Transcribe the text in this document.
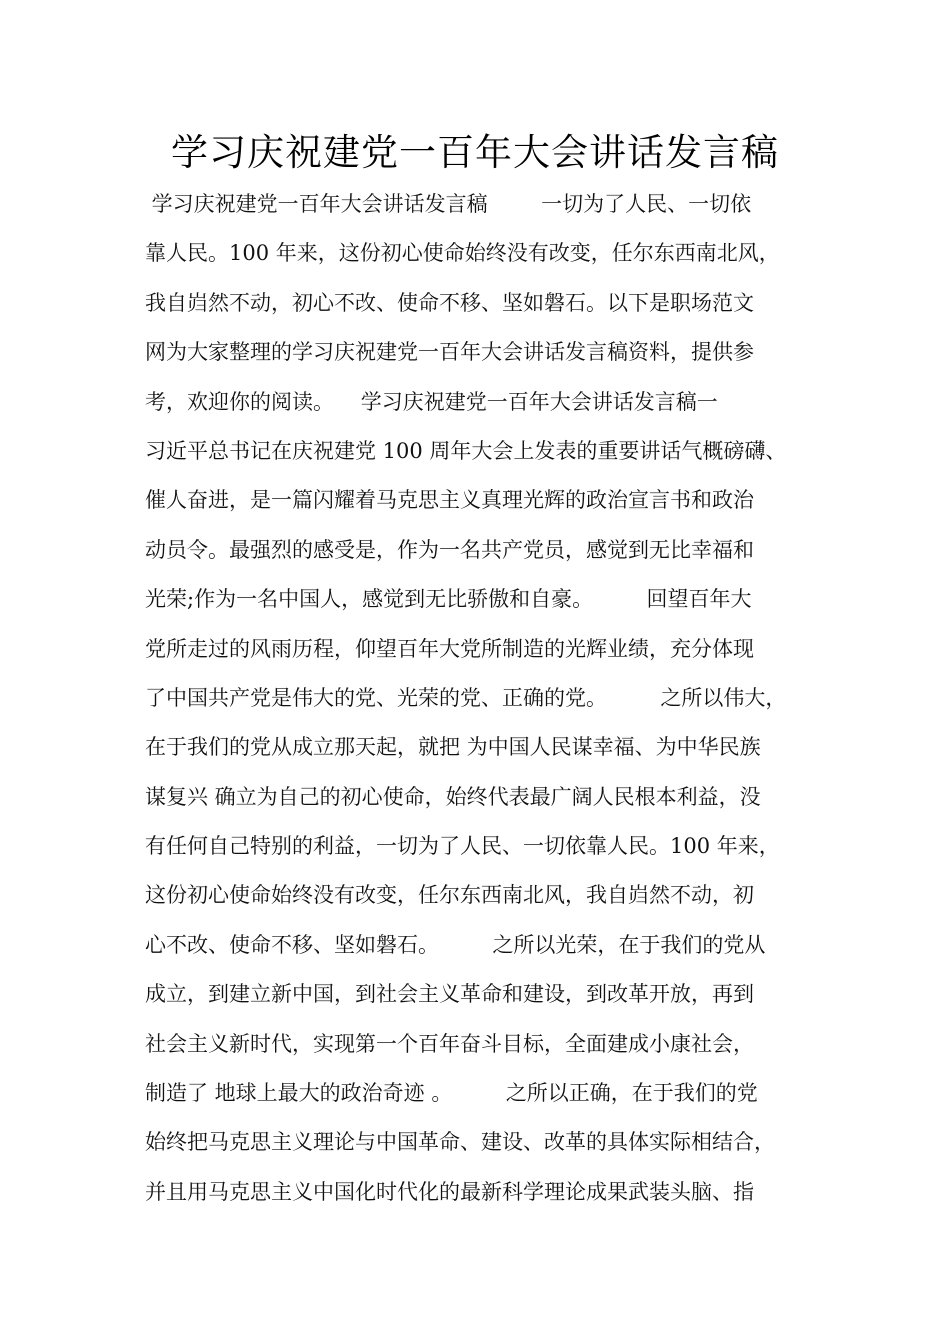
学习庆祝建党一百年大会讲话发言稿
学习庆祝建党一百年大会讲话发言稿        一切为了人民、一切依
靠人民。100 年来，这份初心使命始终没有改变，任尔东西南北风，
我自岿然不动，初心不改、使命不移、坚如磐石。以下是职场范文
网为大家整理的学习庆祝建党一百年大会讲话发言稿资料，提供参
考，欢迎你的阅读。    学习庆祝建党一百年大会讲话发言稿一
习近平总书记在庆祝建党 100 周年大会上发表的重要讲话气概磅礴、
催人奋进，是一篇闪耀着马克思主义真理光辉的政治宣言书和政治
动员令。最强烈的感受是，作为一名共产党员，感觉到无比幸福和
光荣;作为一名中国人，感觉到无比骄傲和自豪。        回望百年大
党所走过的风雨历程，仰望百年大党所制造的光辉业绩，充分体现
了中国共产党是伟大的党、光荣的党、正确的党。        之所以伟大，
在于我们的党从成立那天起，就把 为中国人民谋幸福、为中华民族
谋复兴 确立为自己的初心使命，始终代表最广阔人民根本利益，没
有任何自己特别的利益，一切为了人民、一切依靠人民。100 年来，
这份初心使命始终没有改变，任尔东西南北风，我自岿然不动，初
心不改、使命不移、坚如磐石。        之所以光荣，在于我们的党从
成立，到建立新中国，到社会主义革命和建设，到改革开放，再到
社会主义新时代，实现第一个百年奋斗目标，全面建成小康社会，
制造了 地球上最大的政治奇迹 。        之所以正确，在于我们的党
始终把马克思主义理论与中国革命、建设、改革的具体实际相结合，
并且用马克思主义中国化时代化的最新科学理论成果武装头脑、指
